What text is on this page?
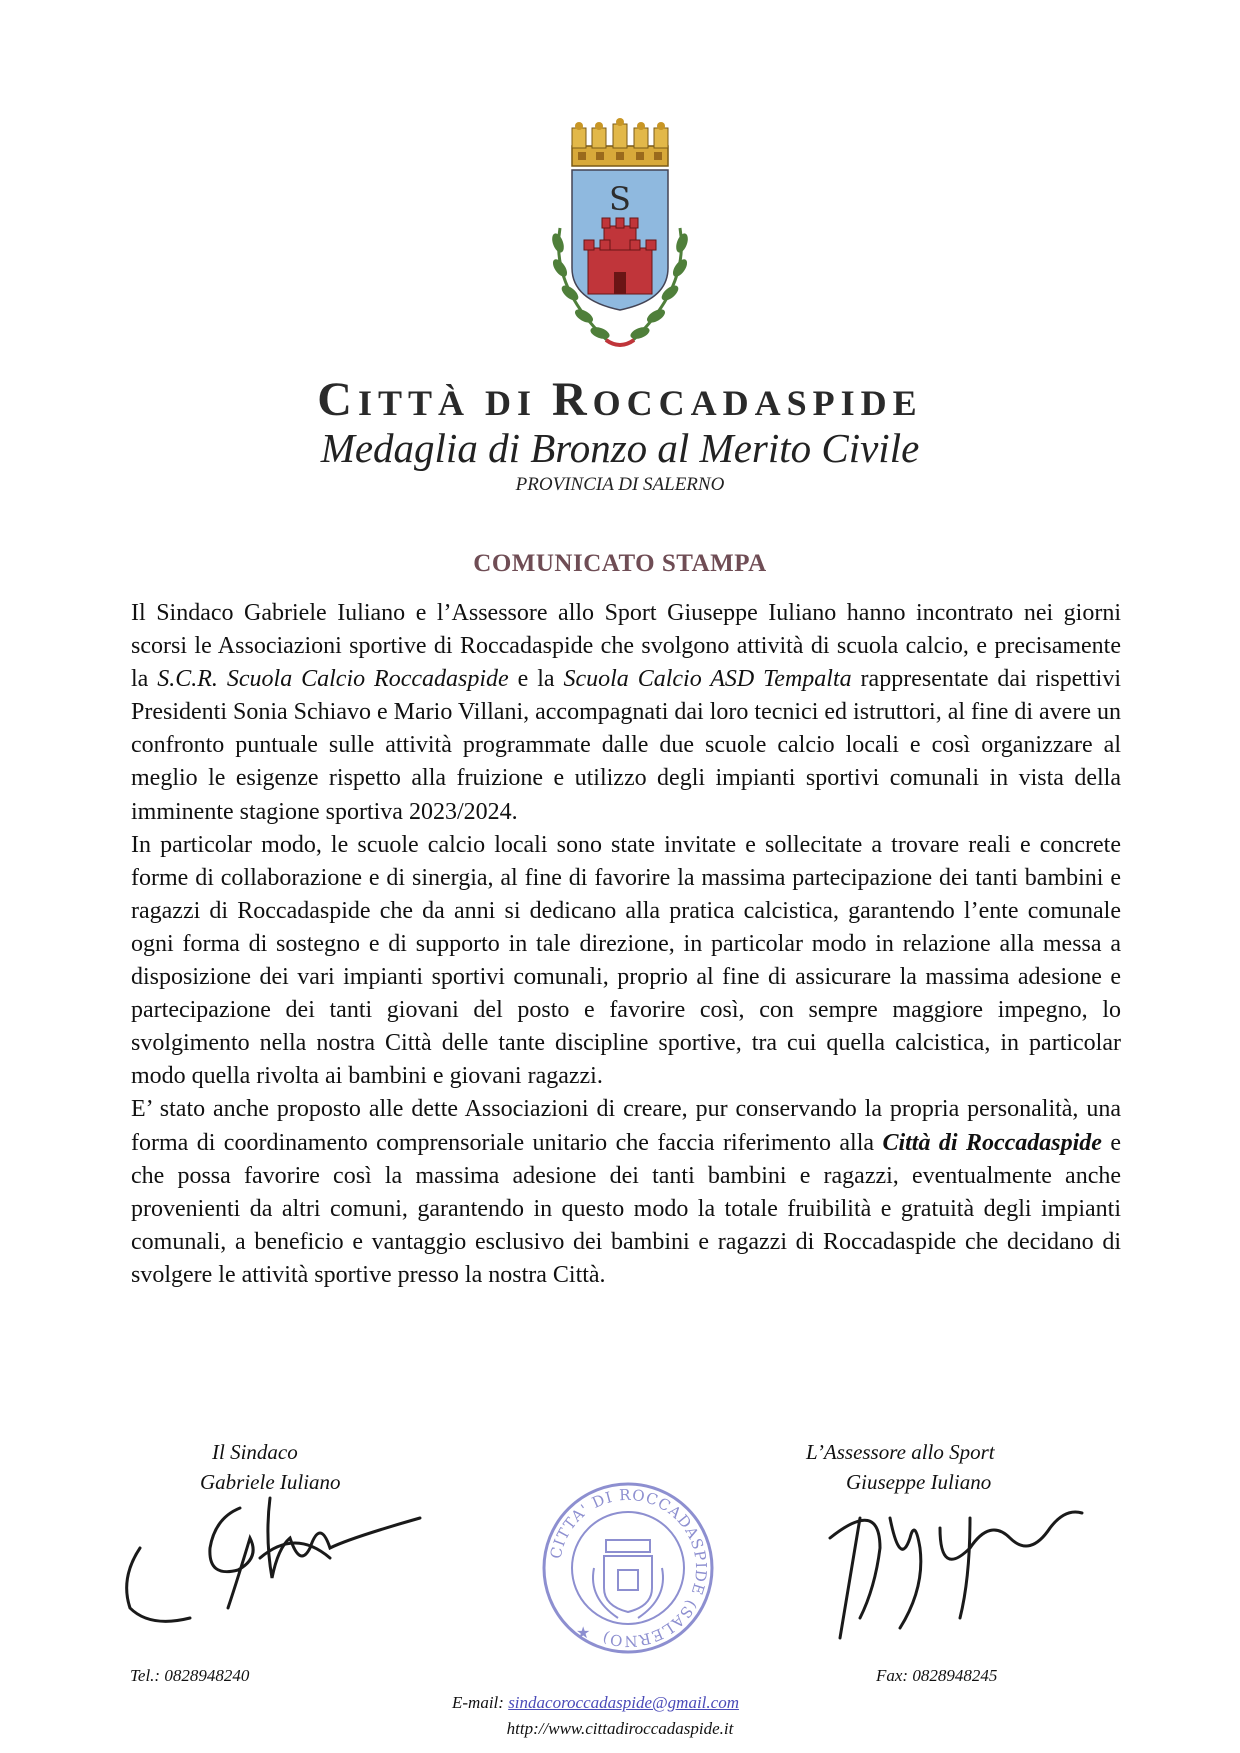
S
CITTÀ DI ROCCADASPIDE
Medaglia di Bronzo al Merito Civile
PROVINCIA DI SALERNO
COMUNICATO STAMPA

Il Sindaco Gabriele Iuliano e l’Assessore allo Sport Giuseppe Iuliano hanno incontrato nei giorni scorsi le Associazioni sportive di Roccadaspide che svolgono attività di scuola calcio, e precisamente la S.C.R. Scuola Calcio Roccadaspide e la Scuola Calcio ASD Tempalta rappresentate dai rispettivi Presidenti Sonia Schiavo e Mario Villani, accompagnati dai loro tecnici ed istruttori, al fine di avere un confronto puntuale sulle attività programmate dalle due scuole calcio locali e così organizzare al meglio le esigenze rispetto alla fruizione e utilizzo degli impianti sportivi comunali in vista della imminente stagione sportiva 2023/2024.

In particolar modo, le scuole calcio locali sono state invitate e sollecitate a trovare reali e concrete forme di collaborazione e di sinergia, al fine di favorire la massima partecipazione dei tanti bambini e ragazzi di Roccadaspide che da anni si dedicano alla pratica calcistica, garantendo l’ente comunale ogni forma di sostegno e di supporto in tale direzione, in particolar modo in relazione alla messa a disposizione dei vari impianti sportivi comunali, proprio al fine di assicurare la massima adesione e partecipazione dei tanti giovani del posto e favorire così, con sempre maggiore impegno, lo svolgimento nella nostra Città delle tante discipline sportive, tra cui quella calcistica, in particolar modo quella rivolta ai bambini e giovani ragazzi.

E’ stato anche proposto alle dette Associazioni di creare, pur conservando la propria personalità, una forma di coordinamento comprensoriale unitario che faccia riferimento alla Città di Roccadaspide e che possa favorire così la massima adesione dei tanti bambini e ragazzi, eventualmente anche provenienti da altri comuni, garantendo in questo modo la totale fruibilità e gratuità degli impianti comunali, a beneficio e vantaggio esclusivo dei bambini e ragazzi di Roccadaspide che decidano di svolgere le attività sportive presso la nostra Città.

Il Sindaco
Gabriele Iuliano
CITTA' DI ROCCADASPIDE (SALERNO)
★
L’Assessore allo Sport
Giuseppe Iuliano
Tel.: 0828948240	Fax: 0828948245
E-mail: sindacoroccadaspide@gmail.com
http://www.cittadiroccadaspide.it
